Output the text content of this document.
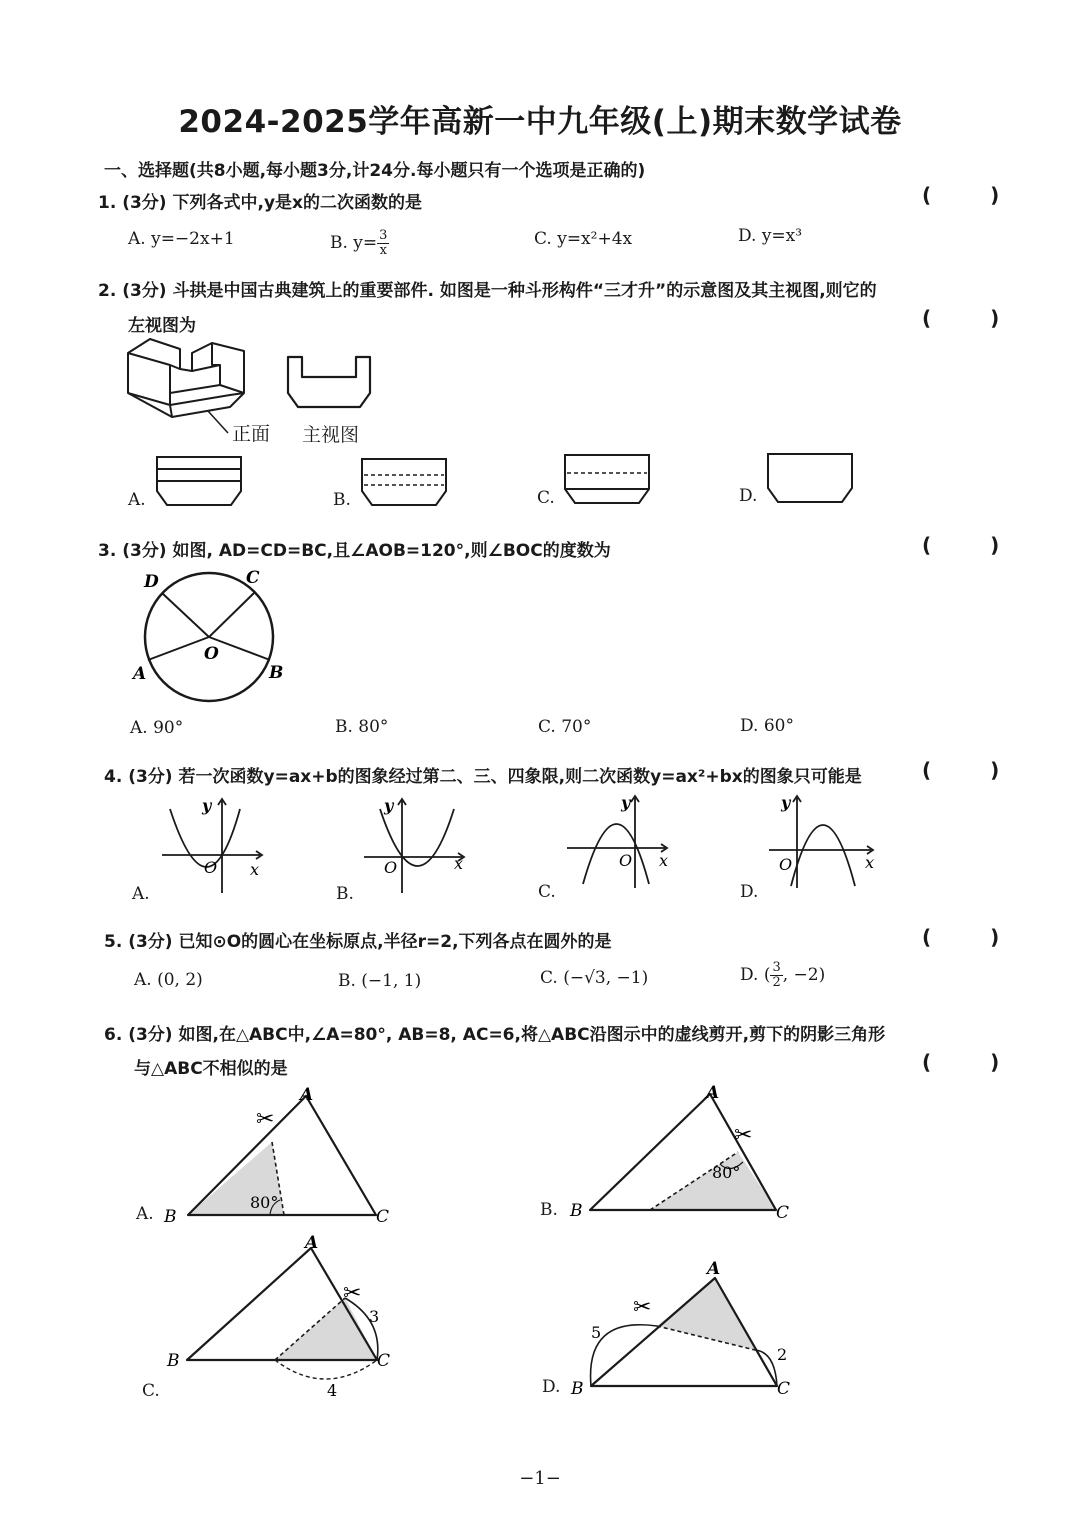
2024-2025学年高新一中九年级(上)期末数学试卷
一、选择题(共8小题,每小题3分,计24分.每小题只有一个选项是正确的)
1. (3分) 下列各式中,y是x的二次函数的是	( )
A. y=−2x+1	B. $y= \frac{3}{x}$	C. y=x²+4x	D. y=x³
2. (3分) 斗拱是中国古典建筑上的重要部件. 如图是一种斗形构件“三才升”的示意图及其主视图,则它的
左视图为	( )
正面 主视图
A.	B.	C.	D.
3. (3分) 如图, AD=CD=BC,且∠AOB=120°,则∠BOC的度数为	( )
D	C
O
A	B
A. 90°	B. 80°	C. 70°	D. 60°
4. (3分) 若一次函数y=ax+b的图象经过第二、三、四象限,则二次函数y=ax²+bx的图象只可能是	( )
y
O x
A.
y
O	x
B.
y
O x
C.
y
O	x
D.
5. (3分) 已知⊙O的圆心在坐标原点,半径r=2,下列各点在圆外的是	( )
A. (0, 2)	B. (−1, 1)	C. (−√3, −1)	D. ( $\frac{3}{2}$ , −2)
6. (3分) 如图,在△ABC中,∠A=80°, AB=8, AC=6,将△ABC沿图示中的虚线剪开,剪下的阴影三角形
与△ABC不相似的是	( )
A
B	C
80°
✂
A.
A
B	C
80°
✂
B.
A
B	C
3
4
✂
C.
A
B	C
5
2
✂
D.
−1−
